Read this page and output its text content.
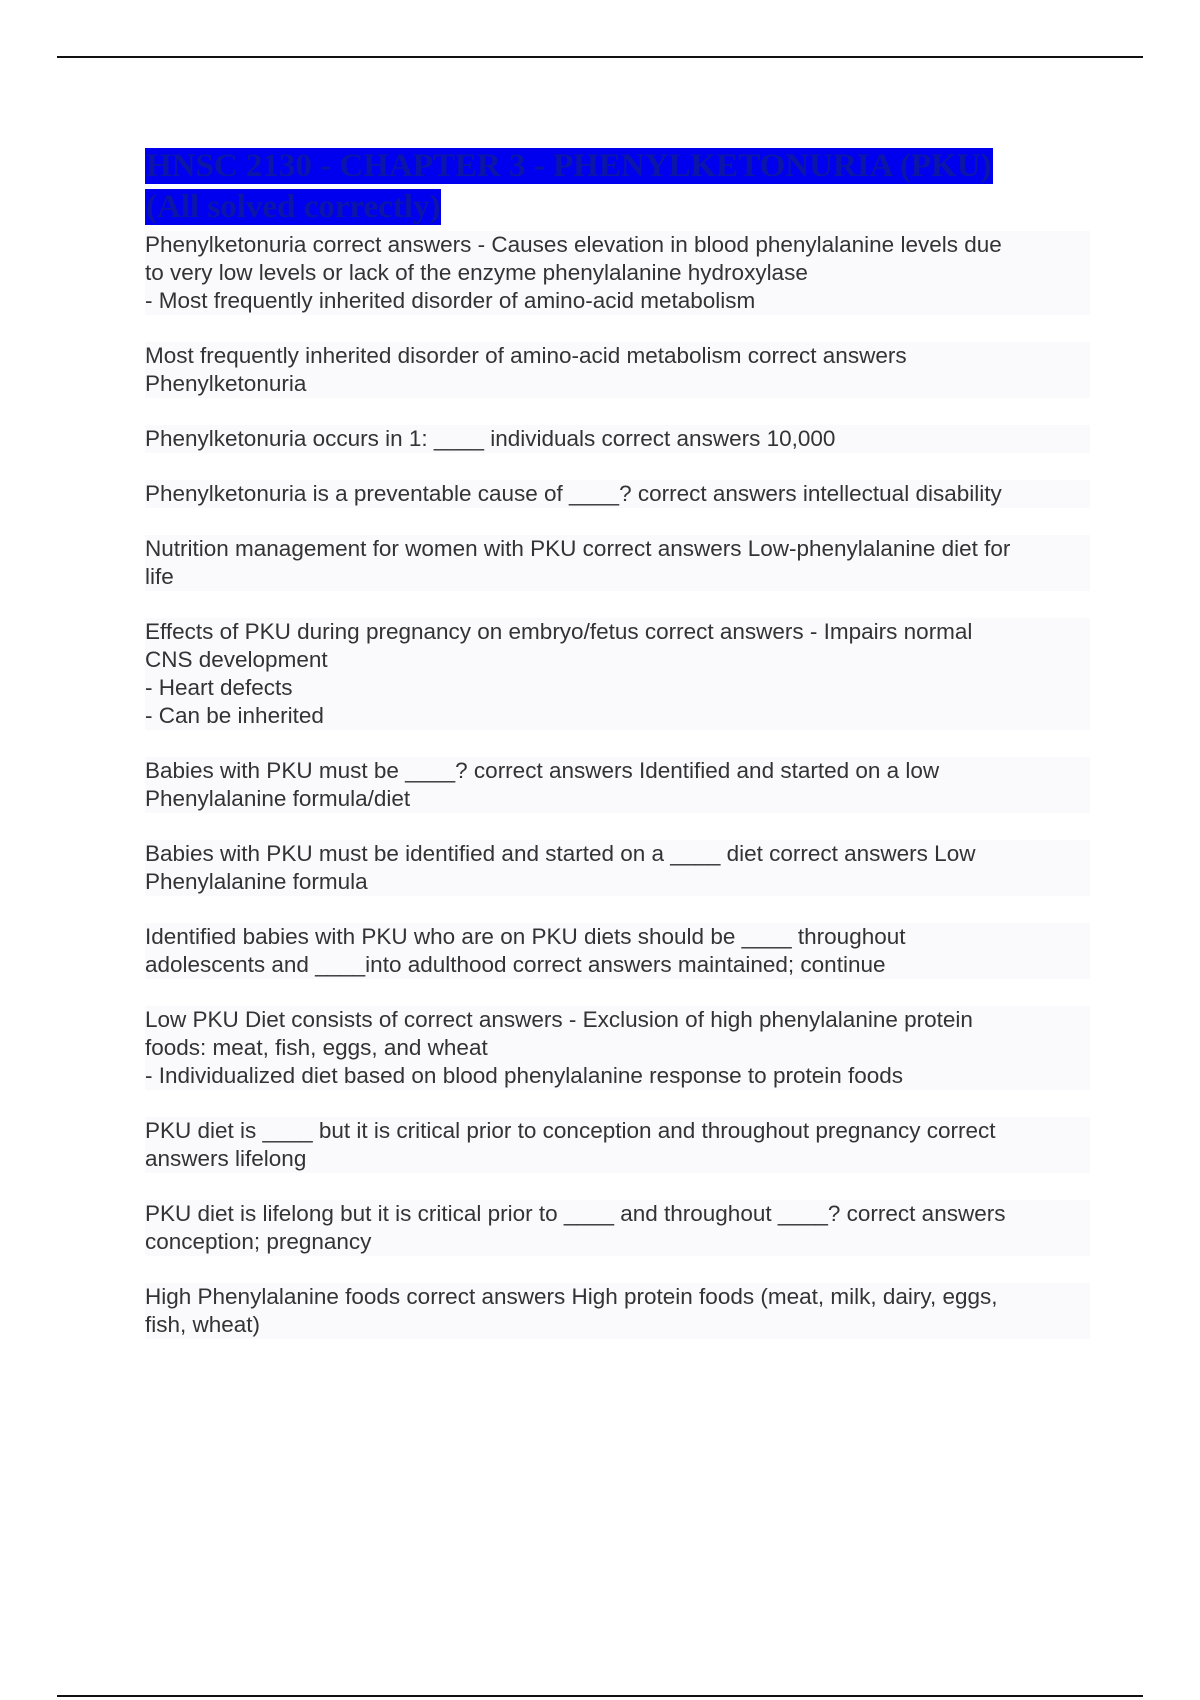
HNSC 2130 - CHAPTER 3 - PHENYLKETONURIA (PKU)
(All solved correctly)
Phenylketonuria correct answers - Causes elevation in blood phenylalanine levels due
to very low levels or lack of the enzyme phenylalanine hydroxylase
- Most frequently inherited disorder of amino-acid metabolism
Most frequently inherited disorder of amino-acid metabolism correct answers
Phenylketonuria
Phenylketonuria occurs in 1: ____ individuals correct answers 10,000
Phenylketonuria is a preventable cause of ____? correct answers intellectual disability
Nutrition management for women with PKU correct answers Low-phenylalanine diet for
life
Effects of PKU during pregnancy on embryo/fetus correct answers - Impairs normal
CNS development
- Heart defects
- Can be inherited
Babies with PKU must be ____? correct answers Identified and started on a low
Phenylalanine formula/diet
Babies with PKU must be identified and started on a ____ diet correct answers Low
Phenylalanine formula
Identified babies with PKU who are on PKU diets should be ____ throughout
adolescents and ____into adulthood correct answers maintained; continue
Low PKU Diet consists of correct answers - Exclusion of high phenylalanine protein
foods: meat, fish, eggs, and wheat
- Individualized diet based on blood phenylalanine response to protein foods
PKU diet is ____ but it is critical prior to conception and throughout pregnancy correct
answers lifelong
PKU diet is lifelong but it is critical prior to ____ and throughout ____? correct answers
conception; pregnancy
High Phenylalanine foods correct answers High protein foods (meat, milk, dairy, eggs,
fish, wheat)
